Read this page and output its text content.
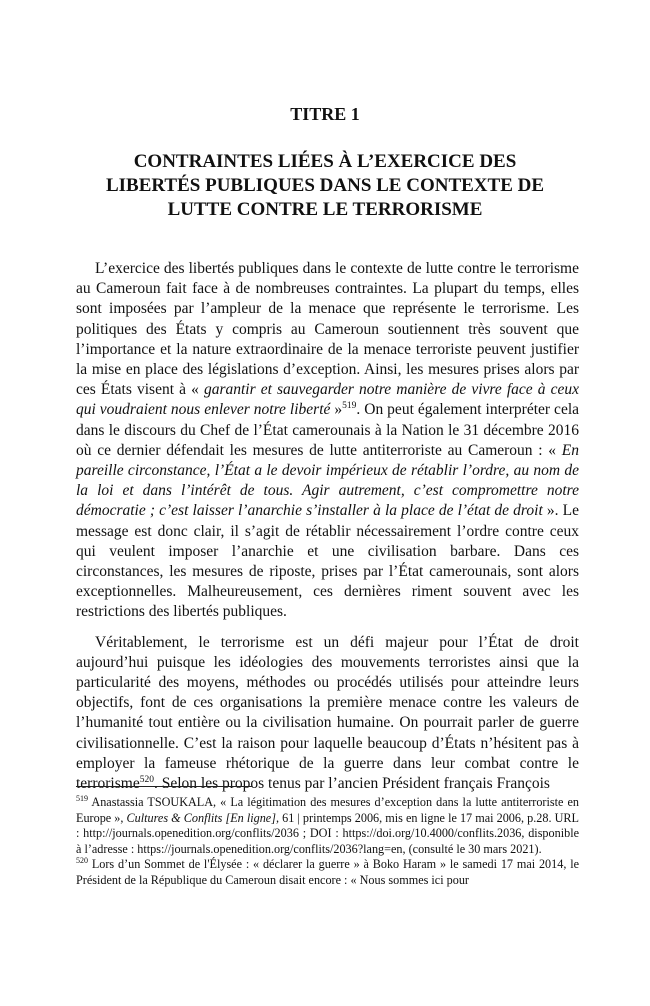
TITRE 1
CONTRAINTES LIÉES À L’EXERCICE DES
LIBERTÉS PUBLIQUES DANS LE CONTEXTE DE
LUTTE CONTRE LE TERRORISME

L’exercice des libertés publiques dans le contexte de lutte contre le terrorisme au Cameroun fait face à de nombreuses contraintes. La plupart du temps, elles sont imposées par l’ampleur de la menace que représente le terrorisme. Les politiques des États y compris au Cameroun soutiennent très souvent que l’importance et la nature extraordinaire de la menace terroriste peuvent justifier la mise en place des législations d’exception. Ainsi, les mesures prises alors par ces États visent à « garantir et sauvegarder notre manière de vivre face à ceux qui voudraient nous enlever notre liberté »$^{519}$. On peut également interpréter cela dans le discours du Chef de l’État camerounais à la Nation le 31 décembre 2016 où ce dernier défendait les mesures de lutte antiterroriste au Cameroun : « En pareille circonstance, l’État a le devoir impérieux de rétablir l’ordre, au nom de la loi et dans l’intérêt de tous. Agir autrement, c’est compromettre notre démocratie ; c’est laisser l’anarchie s’installer à la place de l’état de droit ». Le message est donc clair, il s’agit de rétablir nécessairement l’ordre contre ceux qui veulent imposer l’anarchie et une civilisation barbare. Dans ces circonstances, les mesures de riposte, prises par l’État camerounais, sont alors exceptionnelles. Malheureusement, ces dernières riment souvent avec les restrictions des libertés publiques.

Véritablement, le terrorisme est un défi majeur pour l’État de droit aujourd’hui puisque les idéologies des mouvements terroristes ainsi que la particularité des moyens, méthodes ou procédés utilisés pour atteindre leurs objectifs, font de ces organisations la première menace contre les valeurs de l’humanité tout entière ou la civilisation humaine. On pourrait parler de guerre civilisationnelle. C’est la raison pour laquelle beaucoup d’États n’hésitent pas à employer la fameuse rhétorique de la guerre dans leur combat contre le terrorisme$^{520}$. Selon les propos tenus par l’ancien Président français François

$^{519}$ Anastassia TSOUKALA, « La légitimation des mesures d’exception dans la lutte antiterroriste en Europe », Cultures & Conflits [En ligne], 61 | printemps 2006, mis en ligne le 17 mai 2006, p.28. URL : http://journals.openedition.org/conflits/2036 ; DOI : https://doi.org/10.4000/conflits.2036, disponible à l’adresse : https://journals.openedition.org/conflits/2036?lang=en, (consulté le 30 mars 2021).

$^{520}$ Lors d’un Sommet de l'Élysée : « déclarer la guerre » à Boko Haram » le samedi 17 mai 2014, le Président de la République du Cameroun disait encore : « Nous sommes ici pour
